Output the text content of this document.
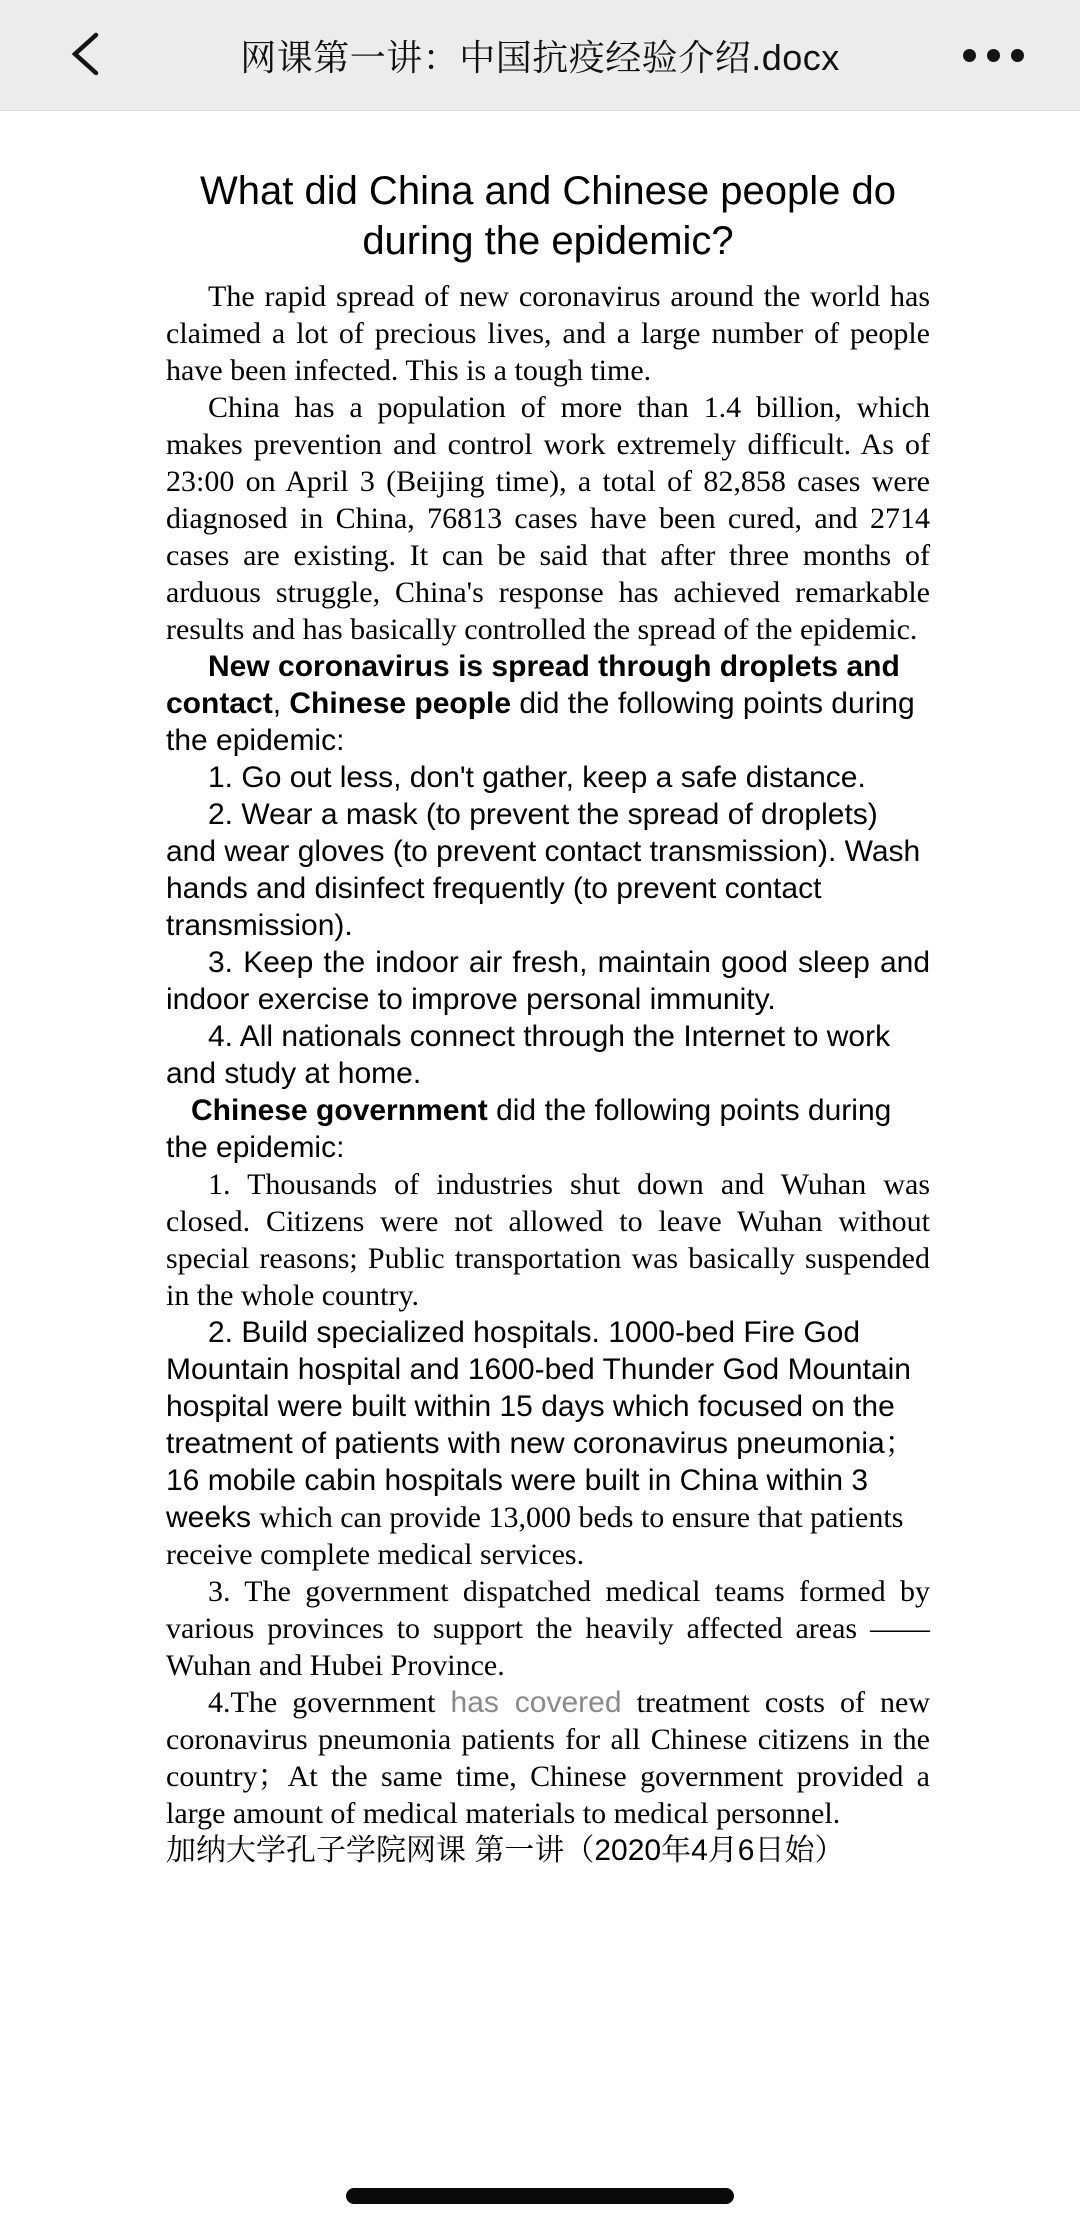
网课第一讲：中国抗疫经验介绍.docx
What did China and Chinese people do during the epidemic?

The rapid spread of new coronavirus around the world has claimed a lot of precious lives, and a large number of people have been infected. This is a tough time.

China has a population of more than 1.4 billion, which makes prevention and control work extremely difficult. As of 23:00 on April 3 (Beijing time), a total of 82,858 cases were diagnosed in China, 76813 cases have been cured, and 2714 cases are existing. It can be said that after three months of arduous struggle, China's response has achieved remarkable results and has basically controlled the spread of the epidemic.

New coronavirus is spread through droplets and contact, Chinese people did the following points during the epidemic:

1. Go out less, don't gather, keep a safe distance.

2. Wear a mask (to prevent the spread of droplets) and wear gloves (to prevent contact transmission). Wash hands and disinfect frequently (to prevent contact transmission).

3. Keep the indoor air fresh, maintain good sleep and indoor exercise to improve personal immunity.

4. All nationals connect through the Internet to work and study at home.

Chinese government did the following points during the epidemic:

1. Thousands of industries shut down and Wuhan was closed. Citizens were not allowed to leave Wuhan without special reasons; Public transportation was basically suspended in the whole country.

2. Build specialized hospitals. 1000-bed Fire God Mountain hospital and 1600-bed Thunder God Mountain hospital were built within 15 days which focused on the treatment of patients with new coronavirus pneumonia；16 mobile cabin hospitals were built in China within 3 weeks which can provide 13,000 beds to ensure that patients receive complete medical services.

3. The government dispatched medical teams formed by various provinces to support the heavily affected areas ——Wuhan and Hubei Province.

4.The government has covered treatment costs of new coronavirus pneumonia patients for all Chinese citizens in the country；At the same time, Chinese government provided a large amount of medical materials to medical personnel.

加纳大学孔子学院网课 第一讲（2020年4月6日始）
